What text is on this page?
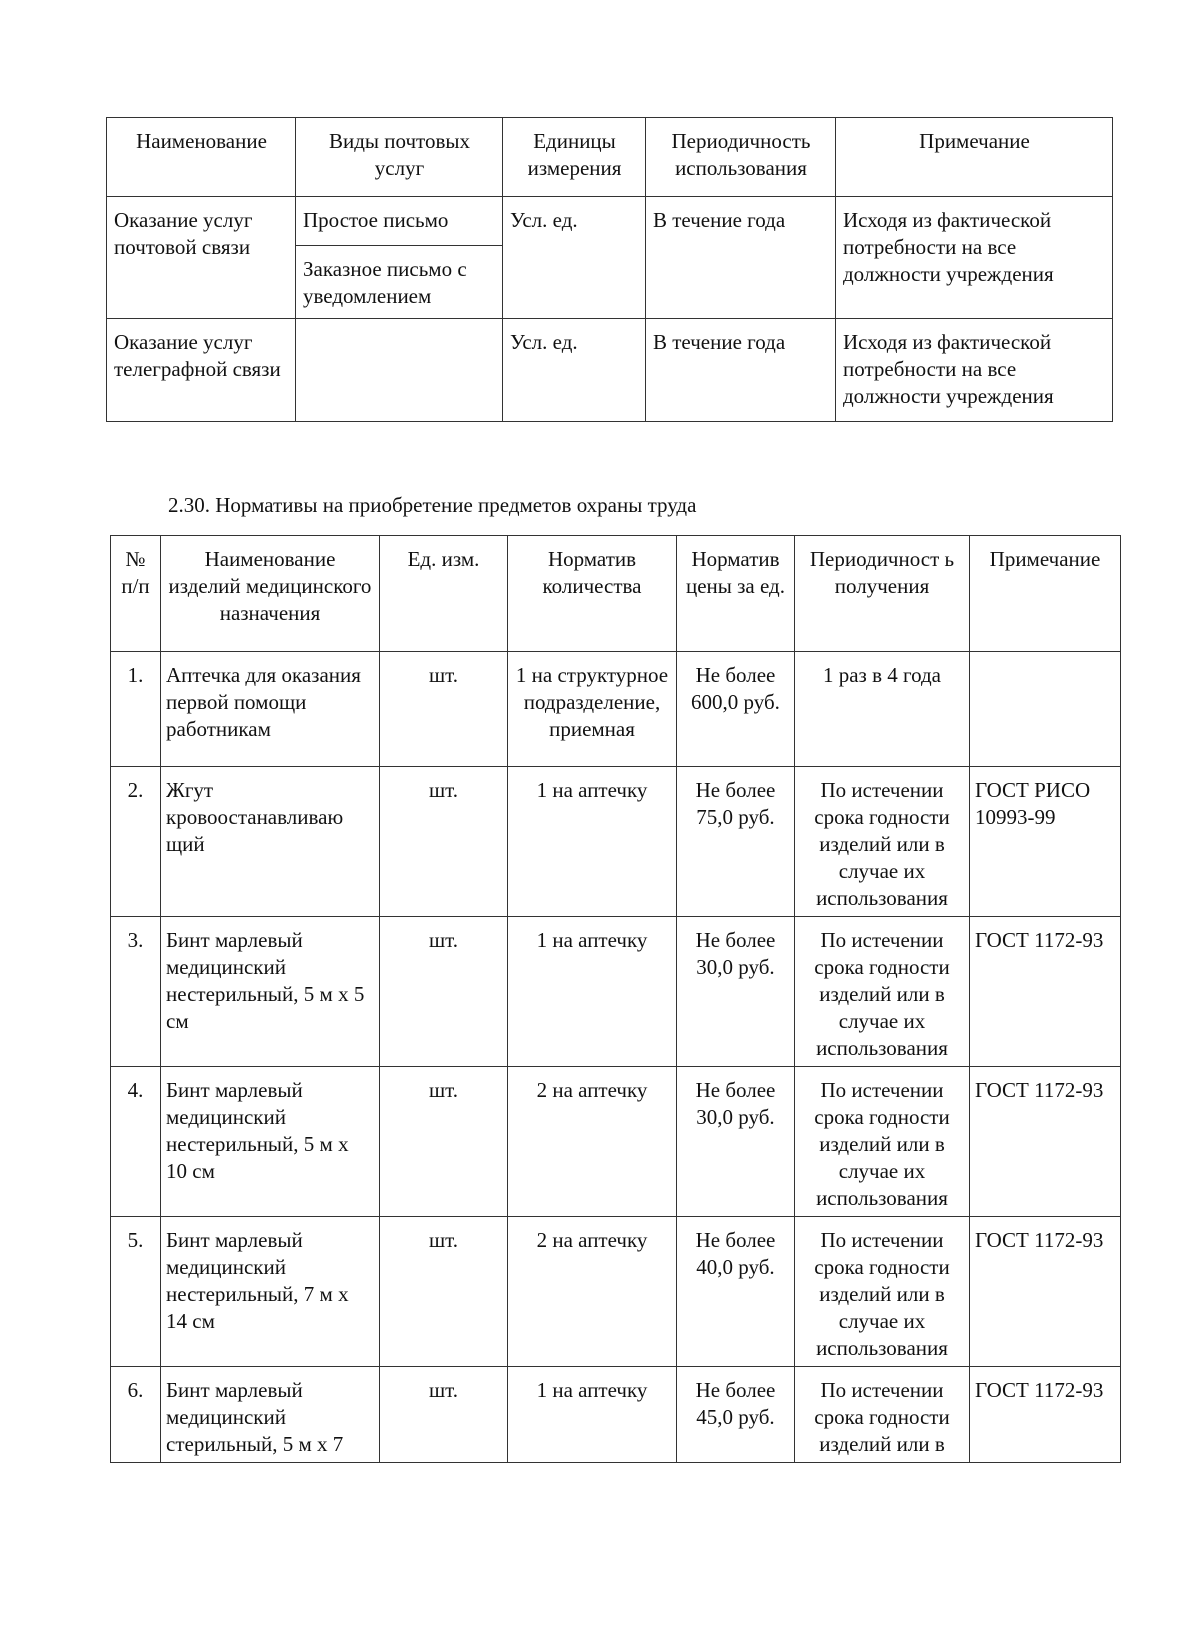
Наименование	Виды почтовых услуг	Единицы измерения	Периодичность использования	Примечание
Оказание услуг почтовой связи	Простое письмо	Усл. ед.	В течение года	Исходя из фактической потребности на все должности учреждения
	Заказное письмо с уведомлением			
Оказание услуг телеграфной связи		Усл. ед.	В течение года	Исходя из фактической потребности на все должности учреждения
2.30. Нормативы на приобретение предметов охраны труда
№ п/п	Наименование изделий медицинского назначения	Ед. изм.	Норматив количества	Норматив цены за ед.	Периодичност ь получения	Примечание
1.	Аптечка для оказания первой помощи работникам	шт.	1 на структурное подразделение, приемная	Не более 600,0 руб.	1 раз в 4 года	
2.	Жгут кровоостанавливаю щий	шт.	1 на аптечку	Не более 75,0 руб.	По истечении срока годности изделий или в случае их использования	ГОСТ РИСО 10993-99
3.	Бинт марлевый медицинский нестерильный, 5 м х 5 см	шт.	1 на аптечку	Не более 30,0 руб.	По истечении срока годности изделий или в случае их использования	ГОСТ 1172-93
4.	Бинт марлевый медицинский нестерильный, 5 м х 10 см	шт.	2 на аптечку	Не более 30,0 руб.	По истечении срока годности изделий или в случае их использования	ГОСТ 1172-93
5.	Бинт марлевый медицинский нестерильный, 7 м х 14 см	шт.	2 на аптечку	Не более 40,0 руб.	По истечении срока годности изделий или в случае их использования	ГОСТ 1172-93
6.	Бинт марлевый медицинский стерильный, 5 м х 7	шт.	1 на аптечку	Не более 45,0 руб.	По истечении срока годности изделий или в	ГОСТ 1172-93
